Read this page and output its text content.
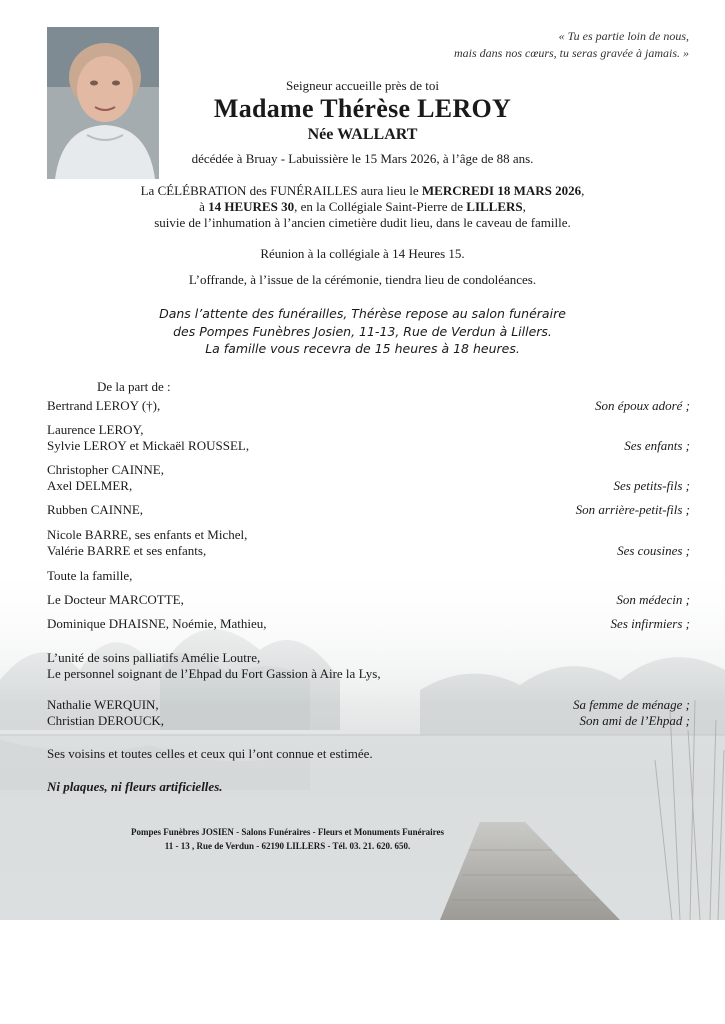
« Tu es partie loin de nous,
mais dans nos cœurs, tu seras gravée à jamais. »
Seigneur accueille près de toi
Madame Thérèse LEROY
Née WALLART
décédée à Bruay - Labuissière le 15 Mars 2026, à l’âge de 88 ans.
La CÉLÉBRATION des FUNÉRAILLES aura lieu le MERCREDI 18 MARS 2026,
à 14 HEURES 30, en la Collégiale Saint-Pierre de LILLERS,
suivie de l’inhumation à l’ancien cimetière dudit lieu, dans le caveau de famille.
Réunion à la collégiale à 14 Heures 15.
L’offrande, à l’issue de la cérémonie, tiendra lieu de condoléances.
Dans l’attente des funérailles, Thérèse repose au salon funéraire
des Pompes Funèbres Josien, 11-13, Rue de Verdun à Lillers.
La famille vous recevra de 15 heures à 18 heures.
De la part de :
Bertrand LEROY (†),	Son époux adoré ;
Laurence LEROY,
Sylvie LEROY et Mickaël ROUSSEL,	Ses enfants ;
Christopher CAINNE,
Axel DELMER,	Ses petits-fils ;
Rubben CAINNE,	Son arrière-petit-fils ;
Nicole BARRE, ses enfants et Michel,
Valérie BARRE et ses enfants,	Ses cousines ;
Toute la famille,
Le Docteur MARCOTTE,	Son médecin ;
Dominique DHAISNE, Noémie, Mathieu,	Ses infirmiers ;
L’unité de soins palliatifs Amélie Loutre,
Le personnel soignant de l’Ehpad du Fort Gassion à Aire la Lys,
Nathalie WERQUIN,	Sa femme de ménage ;
Christian DEROUCK,	Son ami de l’Ehpad ;
Ses voisins et toutes celles et ceux qui l’ont connue et estimée.
Ni plaques, ni fleurs artificielles.
Pompes Funèbres JOSIEN - Salons Funéraires - Fleurs et Monuments Funéraires
11 - 13 , Rue de Verdun - 62190 LILLERS - Tél. 03. 21. 620. 650.
